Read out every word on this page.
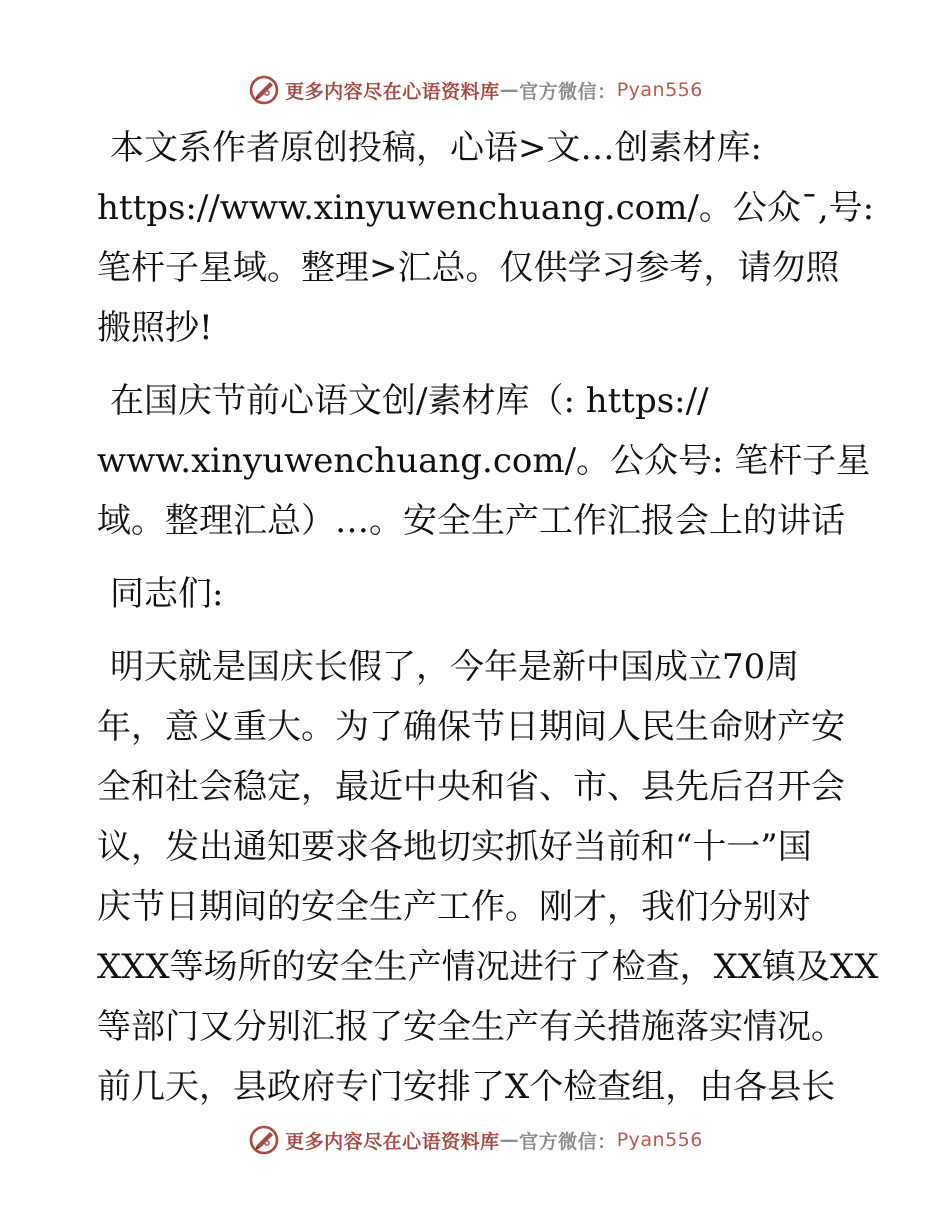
更多内容尽在心语资料库 — 官方微信： Pyan556

本文系作者原创投稿，心语>文…创素材库:
https://www.xinyuwenchuang.com/。公众¯,号:
笔杆子星域。整理>汇总。仅供学习参考，请勿照
搬照抄!

在国庆节前心语文创/素材库（: https://
www.xinyuwenchuang.com/。公众号: 笔杆子星
域。整理汇总）…。安全生产工作汇报会上的讲话

同志们:

明天就是国庆长假了，今年是新中国成立70周
年，意义重大。为了确保节日期间人民生命财产安
全和社会稳定，最近中央和省、市、县先后召开会
议，发出通知要求各地切实抓好当前和“十一”国
庆节日期间的安全生产工作。刚才，我们分别对
XXX等场所的安全生产情况进行了检查，XX镇及XX
等部门又分别汇报了安全生产有关措施落实情况。
前几天，县政府专门安排了X个检查组，由各县长

更多内容尽在心语资料库 — 官方微信： Pyan556
